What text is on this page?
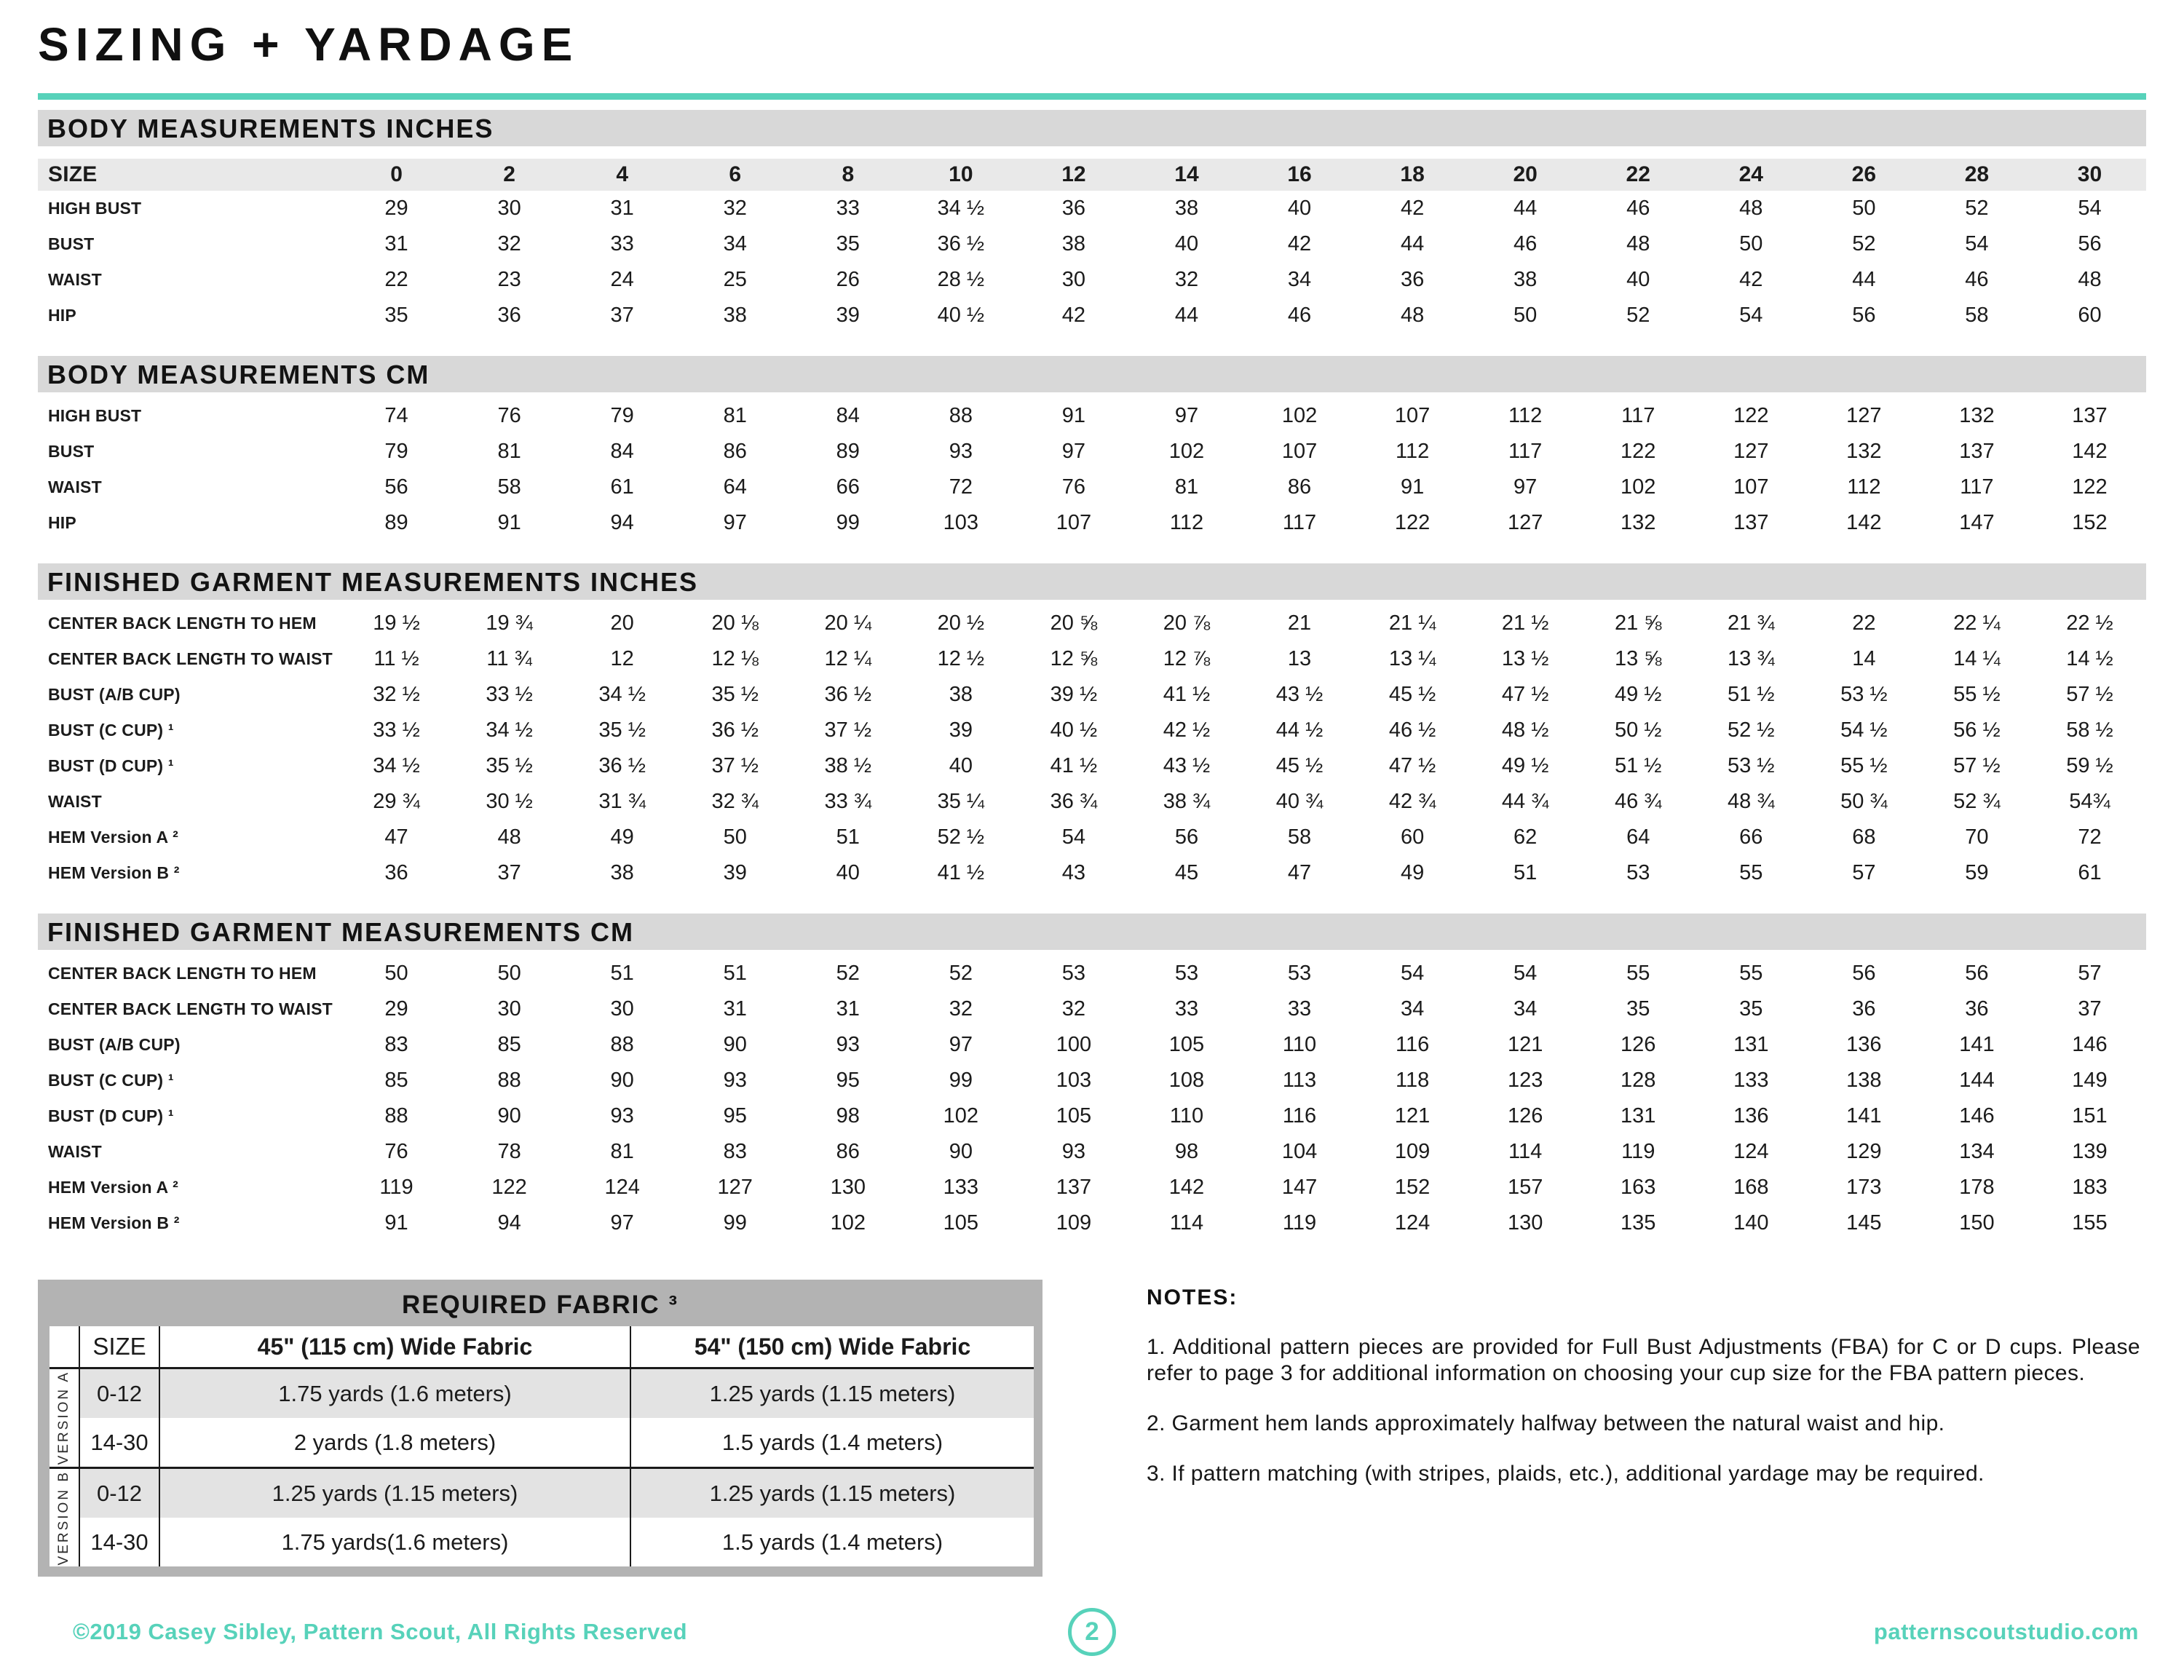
SIZING + YARDAGE
BODY MEASUREMENTS INCHES
SIZE	0	2	4	6	8	10	12	14	16	18	20	22	24	26	28	30
HIGH BUST	29	30	31	32	33	34 ½	36	38	40	42	44	46	48	50	52	54
BUST	31	32	33	34	35	36 ½	38	40	42	44	46	48	50	52	54	56
WAIST	22	23	24	25	26	28 ½	30	32	34	36	38	40	42	44	46	48
HIP	35	36	37	38	39	40 ½	42	44	46	48	50	52	54	56	58	60
BODY MEASUREMENTS CM
HIGH BUST	74	76	79	81	84	88	91	97	102	107	112	117	122	127	132	137
BUST	79	81	84	86	89	93	97	102	107	112	117	122	127	132	137	142
WAIST	56	58	61	64	66	72	76	81	86	91	97	102	107	112	117	122
HIP	89	91	94	97	99	103	107	112	117	122	127	132	137	142	147	152
FINISHED GARMENT MEASUREMENTS INCHES
CENTER BACK LENGTH TO HEM	19 ½	19 ¾	20	20 ⅛	20 ¼	20 ½	20 ⅝	20 ⅞	21	21 ¼	21 ½	21 ⅝	21 ¾	22	22 ¼	22 ½
CENTER BACK LENGTH TO WAIST	11 ½	11 ¾	12	12 ⅛	12 ¼	12 ½	12 ⅝	12 ⅞	13	13 ¼	13 ½	13 ⅝	13 ¾	14	14 ¼	14 ½
BUST (A/B CUP)	32 ½	33 ½	34 ½	35 ½	36 ½	38	39 ½	41 ½	43 ½	45 ½	47 ½	49 ½	51 ½	53 ½	55 ½	57 ½
BUST (C CUP) ¹	33 ½	34 ½	35 ½	36 ½	37 ½	39	40 ½	42 ½	44 ½	46 ½	48 ½	50 ½	52 ½	54 ½	56 ½	58 ½
BUST (D CUP) ¹	34 ½	35 ½	36 ½	37 ½	38 ½	40	41 ½	43 ½	45 ½	47 ½	49 ½	51 ½	53 ½	55 ½	57 ½	59 ½
WAIST	29 ¾	30 ½	31 ¾	32 ¾	33 ¾	35 ¼	36 ¾	38 ¾	40 ¾	42 ¾	44 ¾	46 ¾	48 ¾	50 ¾	52 ¾	54¾
HEM Version A ²	47	48	49	50	51	52 ½	54	56	58	60	62	64	66	68	70	72
HEM Version B ²	36	37	38	39	40	41 ½	43	45	47	49	51	53	55	57	59	61
FINISHED GARMENT MEASUREMENTS CM
CENTER BACK LENGTH TO HEM	50	50	51	51	52	52	53	53	53	54	54	55	55	56	56	57
CENTER BACK LENGTH TO WAIST	29	30	30	31	31	32	32	33	33	34	34	35	35	36	36	37
BUST (A/B CUP)	83	85	88	90	93	97	100	105	110	116	121	126	131	136	141	146
BUST (C CUP) ¹	85	88	90	93	95	99	103	108	113	118	123	128	133	138	144	149
BUST (D CUP) ¹	88	90	93	95	98	102	105	110	116	121	126	131	136	141	146	151
WAIST	76	78	81	83	86	90	93	98	104	109	114	119	124	129	134	139
HEM Version A ²	119	122	124	127	130	133	137	142	147	152	157	163	168	173	178	183
HEM Version B ²	91	94	97	99	102	105	109	114	119	124	130	135	140	145	150	155
REQUIRED FABRIC ³
SIZE	45" (115 cm) Wide Fabric	54" (150 cm) Wide Fabric
VERSION A	0-12	1.75 yards (1.6 meters)	1.25 yards (1.15 meters)
14-30	2 yards (1.8 meters)	1.5 yards (1.4 meters)
VERSION B	0-12	1.25 yards (1.15 meters)	1.25 yards (1.15 meters)
14-30	1.75 yards(1.6 meters)	1.5 yards (1.4 meters)
NOTES:
1. Additional pattern pieces are provided for Full Bust Adjustments (FBA) for C or D cups. Please refer to page 3 for additional information on choosing your cup size for the FBA pattern pieces.
2. Garment hem lands approximately halfway between the natural waist and hip.
3. If pattern matching (with stripes, plaids, etc.), additional yardage may be required.
©2019 Casey Sibley, Pattern Scout, All Rights Reserved	2	patternscoutstudio.com
